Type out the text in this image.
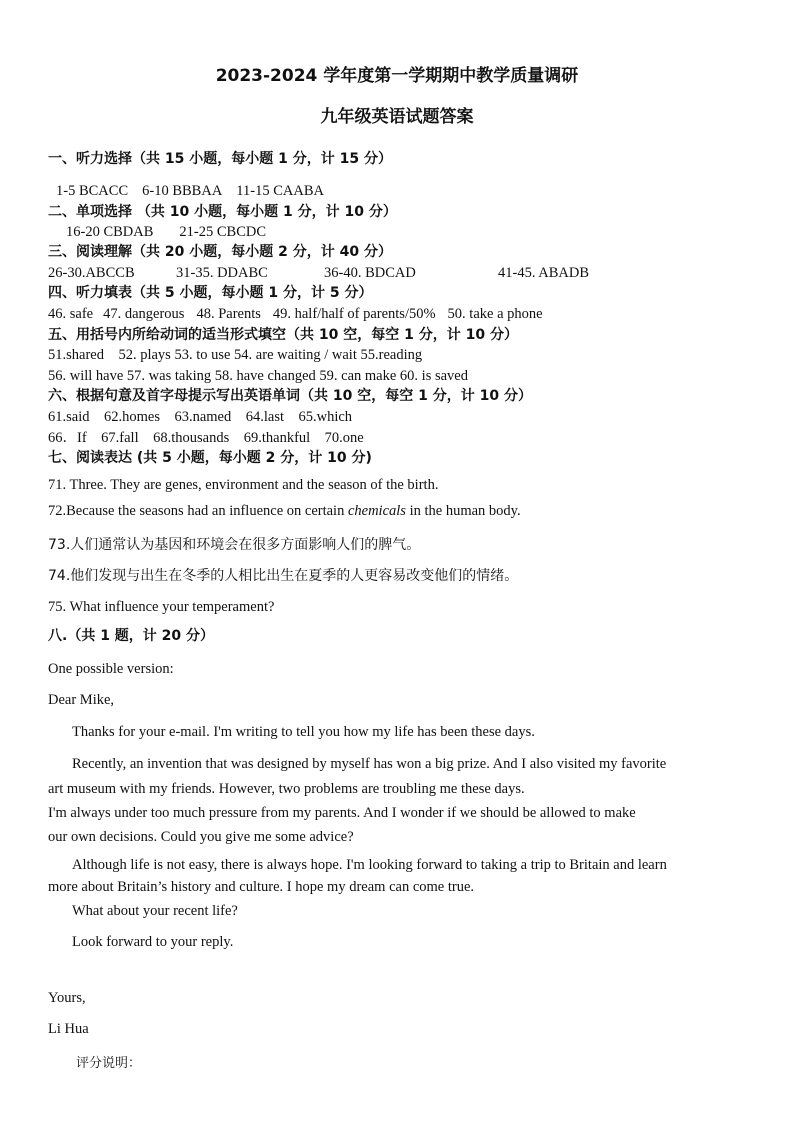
2023-2024 学年度第一学期期中教学质量调研
九年级英语试题答案
一、听力选择（共 15 小题，每小题 1 分，计 15 分）
1-5 BCACC 6-10 BBBAA 11-15 CAABA
二、单项选择 （共 10 小题，每小题 1 分，计 10 分）
16-20 CBDAB 21-25 CBCDC
三、阅读理解（共 20 小题，每小题 2 分，计 40 分）
26-30.ABCCB	31-35. DDABC	36-40. BDCAD	41-45. ABADB
四、听力填表（共 5 小题，每小题 1 分，计 5 分）
46. safe 47. dangerous 48. Parents 49. half/half of parents/50% 50. take a phone
五、用括号内所给动词的适当形式填空（共 10 空，每空 1 分，计 10 分）
51.shared    52. plays 53. to use 54. are waiting / wait 55.reading
56. will have 57. was taking 58. have changed 59. can make 60. is saved
六、根据句意及首字母提示写出英语单词（共 10 空，每空 1 分，计 10 分）
61.said    62.homes    63.named    64.last    65.which
66．If    67.fall    68.thousands    69.thankful    70.one
七、阅读表达 (共 5 小题，每小题 2 分，计 10 分)
71. Three. They are genes, environment and the season of the birth.
72.Because the seasons had an influence on certain chemicals in the human body.
73.人们通常认为基因和环境会在很多方面影响人们的脾气。
74.他们发现与出生在冬季的人相比出生在夏季的人更容易改变他们的情绪。
75. What influence your temperament?
八.（共 1 题，计 20 分）
One possible version:
Dear Mike,
Thanks for your e-mail. I'm writing to tell you how my life has been these days.
Recently, an invention that was designed by myself has won a big prize. And I also visited my favorite
art museum with my friends. However, two problems are troubling me these days.
I'm always under too much pressure from my parents. And I wonder if we should be allowed to make
our own decisions. Could you give me some advice?
Although life is not easy, there is always hope. I'm looking forward to taking a trip to Britain and learn
more about Britain’s history and culture. I hope my dream can come true.
What about your recent life?
Look forward to your reply.
Yours,
Li Hua
评分说明：
